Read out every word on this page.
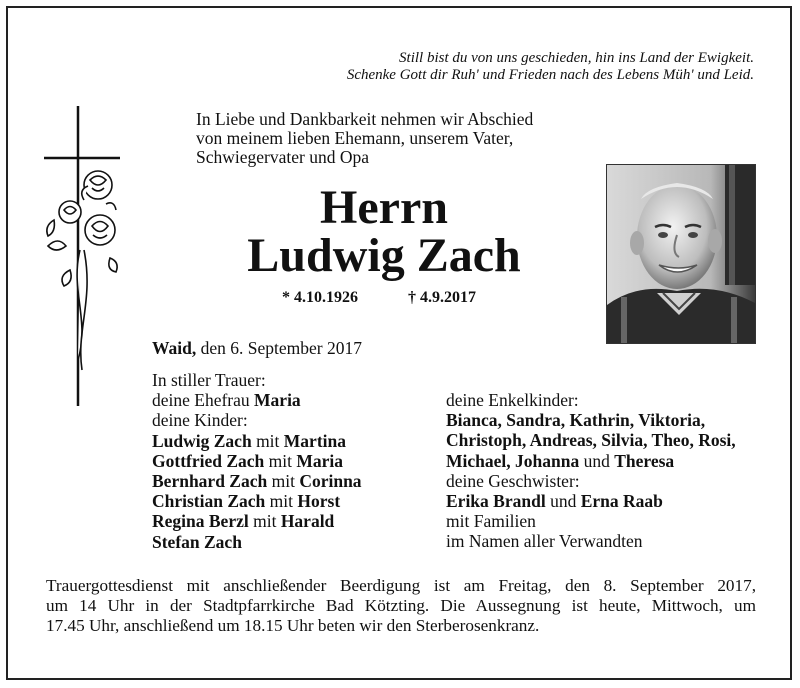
Still bist du von uns geschieden, hin ins Land der Ewigkeit.
Schenke Gott dir Ruh' und Frieden nach des Lebens Müh' und Leid.
In Liebe und Dankbarkeit nehmen wir Abschied
von meinem lieben Ehemann, unserem Vater,
Schwiegervater und Opa
Herrn
Ludwig Zach
* 4.10.1926	† 4.9.2017
Waid, den 6. September 2017
In stiller Trauer:
deine Ehefrau Maria
deine Kinder:
Ludwig Zach mit Martina
Gottfried Zach mit Maria
Bernhard Zach mit Corinna
Christian Zach mit Horst
Regina Berzl mit Harald
Stefan Zach
deine Enkelkinder:
Bianca, Sandra, Kathrin, Viktoria,
Christoph, Andreas, Silvia, Theo, Rosi,
Michael, Johanna und Theresa
deine Geschwister:
Erika Brandl und Erna Raab
mit Familien
im Namen aller Verwandten
Trauergottesdienst mit anschließender Beerdigung ist am Freitag, den 8. September 2017,
um 14 Uhr in der Stadtpfarrkirche Bad Kötzting. Die Aussegnung ist heute, Mittwoch, um
17.45 Uhr, anschließend um 18.15 Uhr beten wir den Sterberosenkranz.
